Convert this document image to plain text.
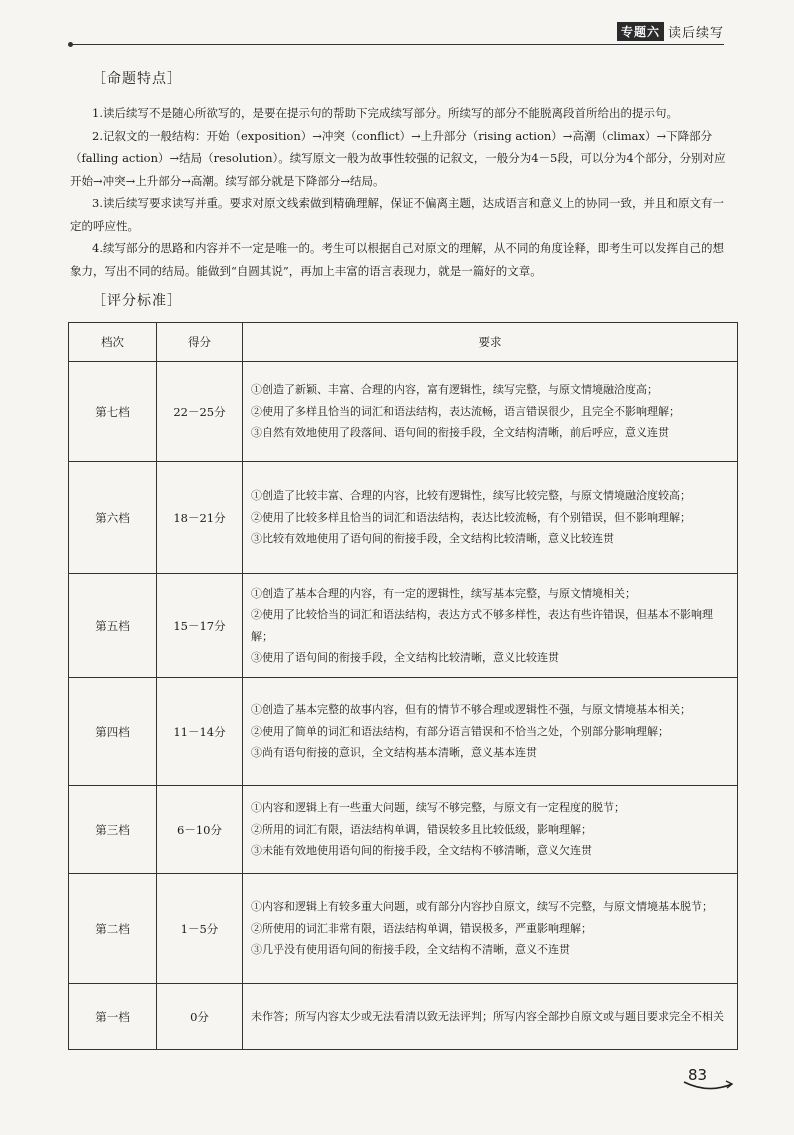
专题六 读后续写
［命题特点］

1.读后续写不是随心所欲写的，是要在提示句的帮助下完成续写部分。所续写的部分不能脱离段首所给出的提示句。

2.记叙文的一般结构：开始（exposition）→冲突（conflict）→上升部分（rising action）→高潮（climax）→下降部分（falling action）→结局（resolution）。续写原文一般为故事性较强的记叙文，一般分为4－5段，可以分为4个部分，分别对应开始→冲突→上升部分→高潮。续写部分就是下降部分→结局。

3.读后续写要求读写并重。要求对原文线索做到精确理解，保证不偏离主题，达成语言和意义上的协同一致，并且和原文有一定的呼应性。

4.续写部分的思路和内容并不一定是唯一的。考生可以根据自己对原文的理解，从不同的角度诠释，即考生可以发挥自己的想象力，写出不同的结局。能做到“自圆其说”，再加上丰富的语言表现力，就是一篇好的文章。

［评分标准］
档次	得分	要求
第七档	22－25分	①创造了新颖、丰富、合理的内容，富有逻辑性，续写完整，与原文情境融洽度高；
②使用了多样且恰当的词汇和语法结构，表达流畅，语言错误很少，且完全不影响理解；
③自然有效地使用了段落间、语句间的衔接手段，全文结构清晰，前后呼应，意义连贯

第六档	18－21分	①创造了比较丰富、合理的内容，比较有逻辑性，续写比较完整，与原文情境融洽度较高；
②使用了比较多样且恰当的词汇和语法结构，表达比较流畅，有个别错误，但不影响理解；
③比较有效地使用了语句间的衔接手段，全文结构比较清晰，意义比较连贯

第五档	15－17分	①创造了基本合理的内容，有一定的逻辑性，续写基本完整，与原文情境相关；
②使用了比较恰当的词汇和语法结构，表达方式不够多样性，表达有些许错误，但基本不影响理解；
③使用了语句间的衔接手段，全文结构比较清晰，意义比较连贯

第四档	11－14分	①创造了基本完整的故事内容，但有的情节不够合理或逻辑性不强，与原文情境基本相关；
②使用了简单的词汇和语法结构，有部分语言错误和不恰当之处，个别部分影响理解；
③尚有语句衔接的意识，全文结构基本清晰，意义基本连贯

第三档	6－10分	①内容和逻辑上有一些重大问题，续写不够完整，与原文有一定程度的脱节；
②所用的词汇有限，语法结构单调，错误较多且比较低级，影响理解；
③未能有效地使用语句间的衔接手段，全文结构不够清晰，意义欠连贯

第二档	1－5分	①内容和逻辑上有较多重大问题，或有部分内容抄自原文，续写不完整，与原文情境基本脱节；
②所使用的词汇非常有限，语法结构单调，错误极多，严重影响理解；
③几乎没有使用语句间的衔接手段，全文结构不清晰，意义不连贯

第一档	0分	未作答；所写内容太少或无法看清以致无法评判；所写内容全部抄自原文或与题目要求完全不相关
83
